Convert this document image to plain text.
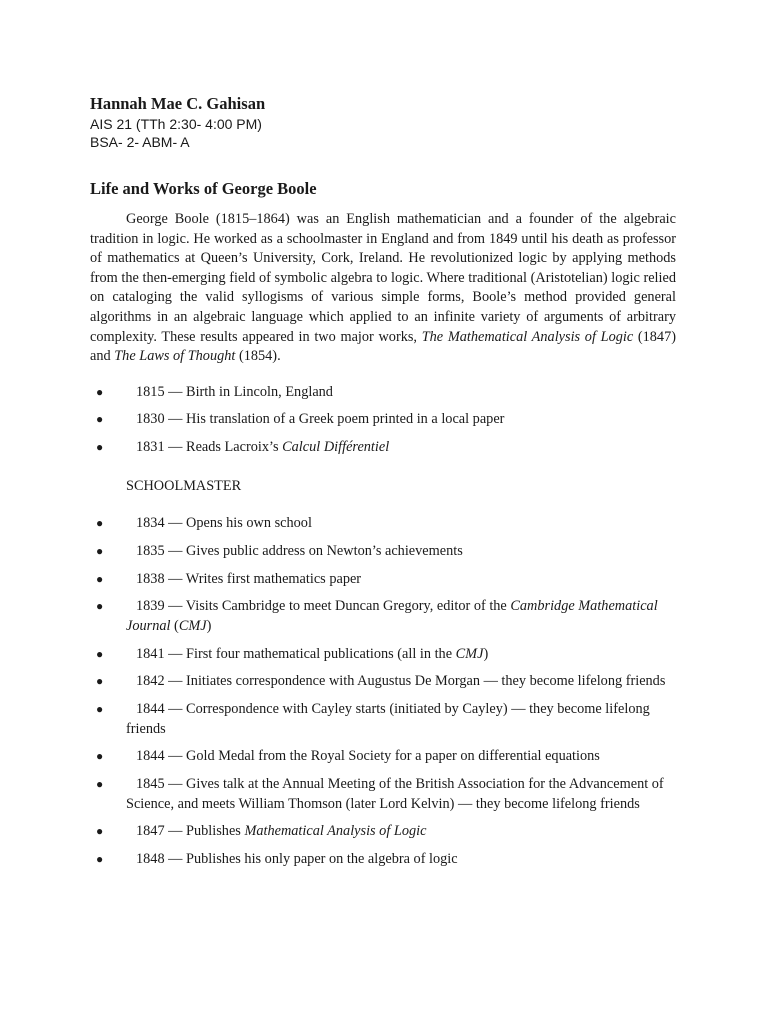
Hannah Mae C. Gahisan

AIS 21 (TTh 2:30- 4:00 PM)

BSA- 2- ABM- A

Life and Works of George Boole

George Boole (1815–1864) was an English mathematician and a founder of the algebraic tradition in logic. He worked as a schoolmaster in England and from 1849 until his death as professor of mathematics at Queen’s University, Cork, Ireland. He revolutionized logic by applying methods from the then-emerging field of symbolic algebra to logic. Where traditional (Aristotelian) logic relied on cataloging the valid syllogisms of various simple forms, Boole’s method provided general algorithms in an algebraic language which applied to an infinite variety of arguments of arbitrary complexity. These results appeared in two major works, The Mathematical Analysis of Logic (1847) and The Laws of Thought (1854).

● 1815 — Birth in Lincoln, England
● 1830 — His translation of a Greek poem printed in a local paper
● 1831 — Reads Lacroix’s Calcul Différentiel

SCHOOLMASTER

● 1834 — Opens his own school
● 1835 — Gives public address on Newton’s achievements
● 1838 — Writes first mathematics paper
● 1839 — Visits Cambridge to meet Duncan Gregory, editor of the Cambridge Mathematical Journal (CMJ)
● 1841 — First four mathematical publications (all in the CMJ)
● 1842 — Initiates correspondence with Augustus De Morgan — they become lifelong friends
● 1844 — Correspondence with Cayley starts (initiated by Cayley) — they become lifelong friends
● 1844 — Gold Medal from the Royal Society for a paper on differential equations
● 1845 — Gives talk at the Annual Meeting of the British Association for the Advancement of Science, and meets William Thomson (later Lord Kelvin) — they become lifelong friends
● 1847 — Publishes Mathematical Analysis of Logic
● 1848 — Publishes his only paper on the algebra of logic
